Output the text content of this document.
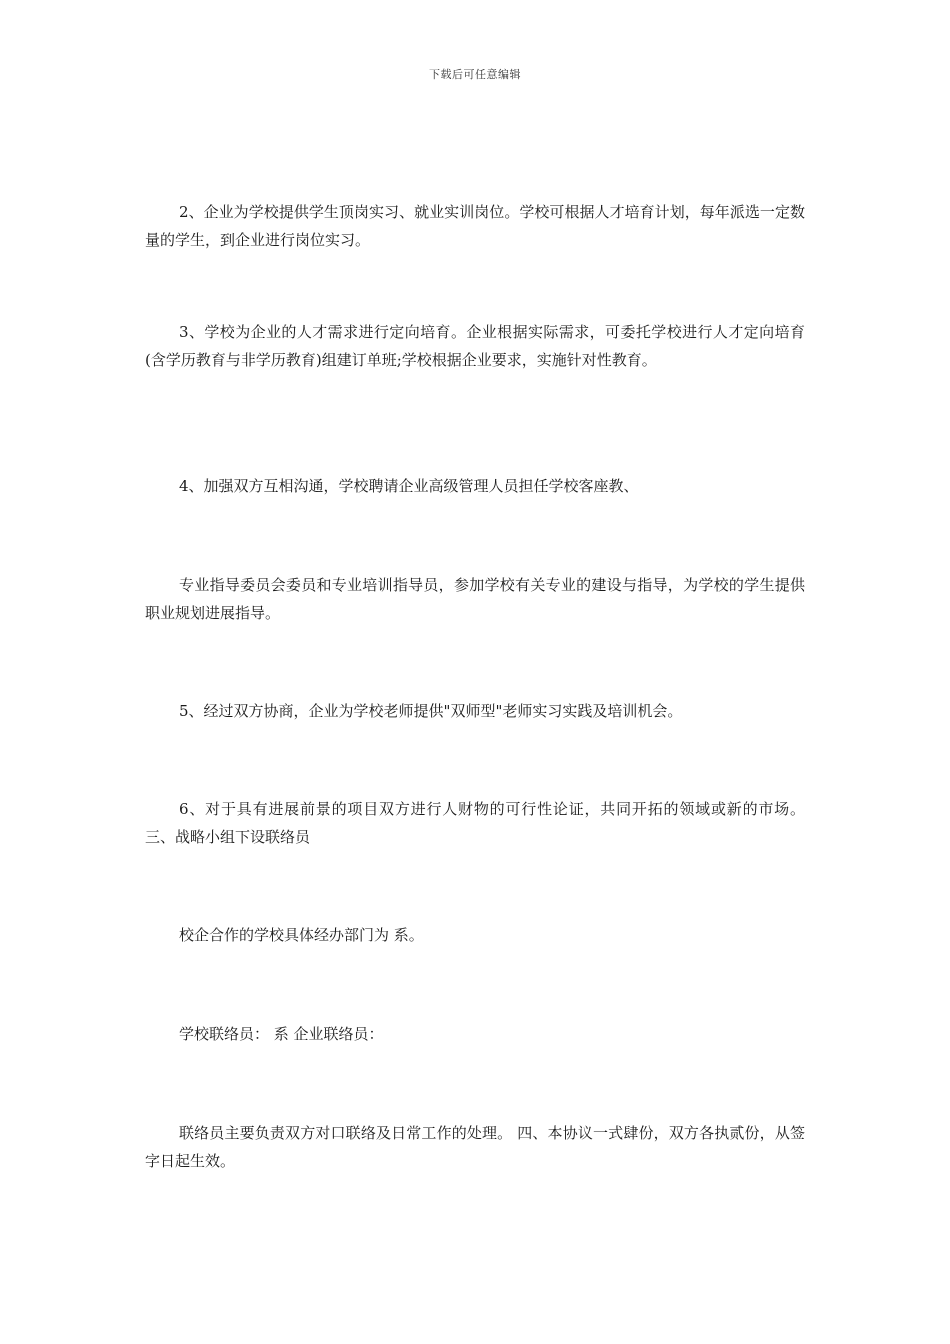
下载后可任意编辑

2、企业为学校提供学生顶岗实习、就业实训岗位。学校可根据人才培育计划，每年派选一定数量的学生，到企业进行岗位实习。

3、学校为企业的人才需求进行定向培育。企业根据实际需求，可委托学校进行人才定向培育(含学历教育与非学历教育)组建订单班;学校根据企业要求，实施针对性教育。

4、加强双方互相沟通，学校聘请企业高级管理人员担任学校客座教、

专业指导委员会委员和专业培训指导员，参加学校有关专业的建设与指导，为学校的学生提供职业规划进展指导。

5、经过双方协商，企业为学校老师提供"双师型"老师实习实践及培训机会。

6、对于具有进展前景的项目双方进行人财物的可行性论证，共同开拓的领域或新的市场。 三、战略小组下设联络员

校企合作的学校具体经办部门为 系。

学校联络员： 系 企业联络员：

联络员主要负责双方对口联络及日常工作的处理。 四、本协议一式肆份，双方各执贰份，从签字日起生效。
